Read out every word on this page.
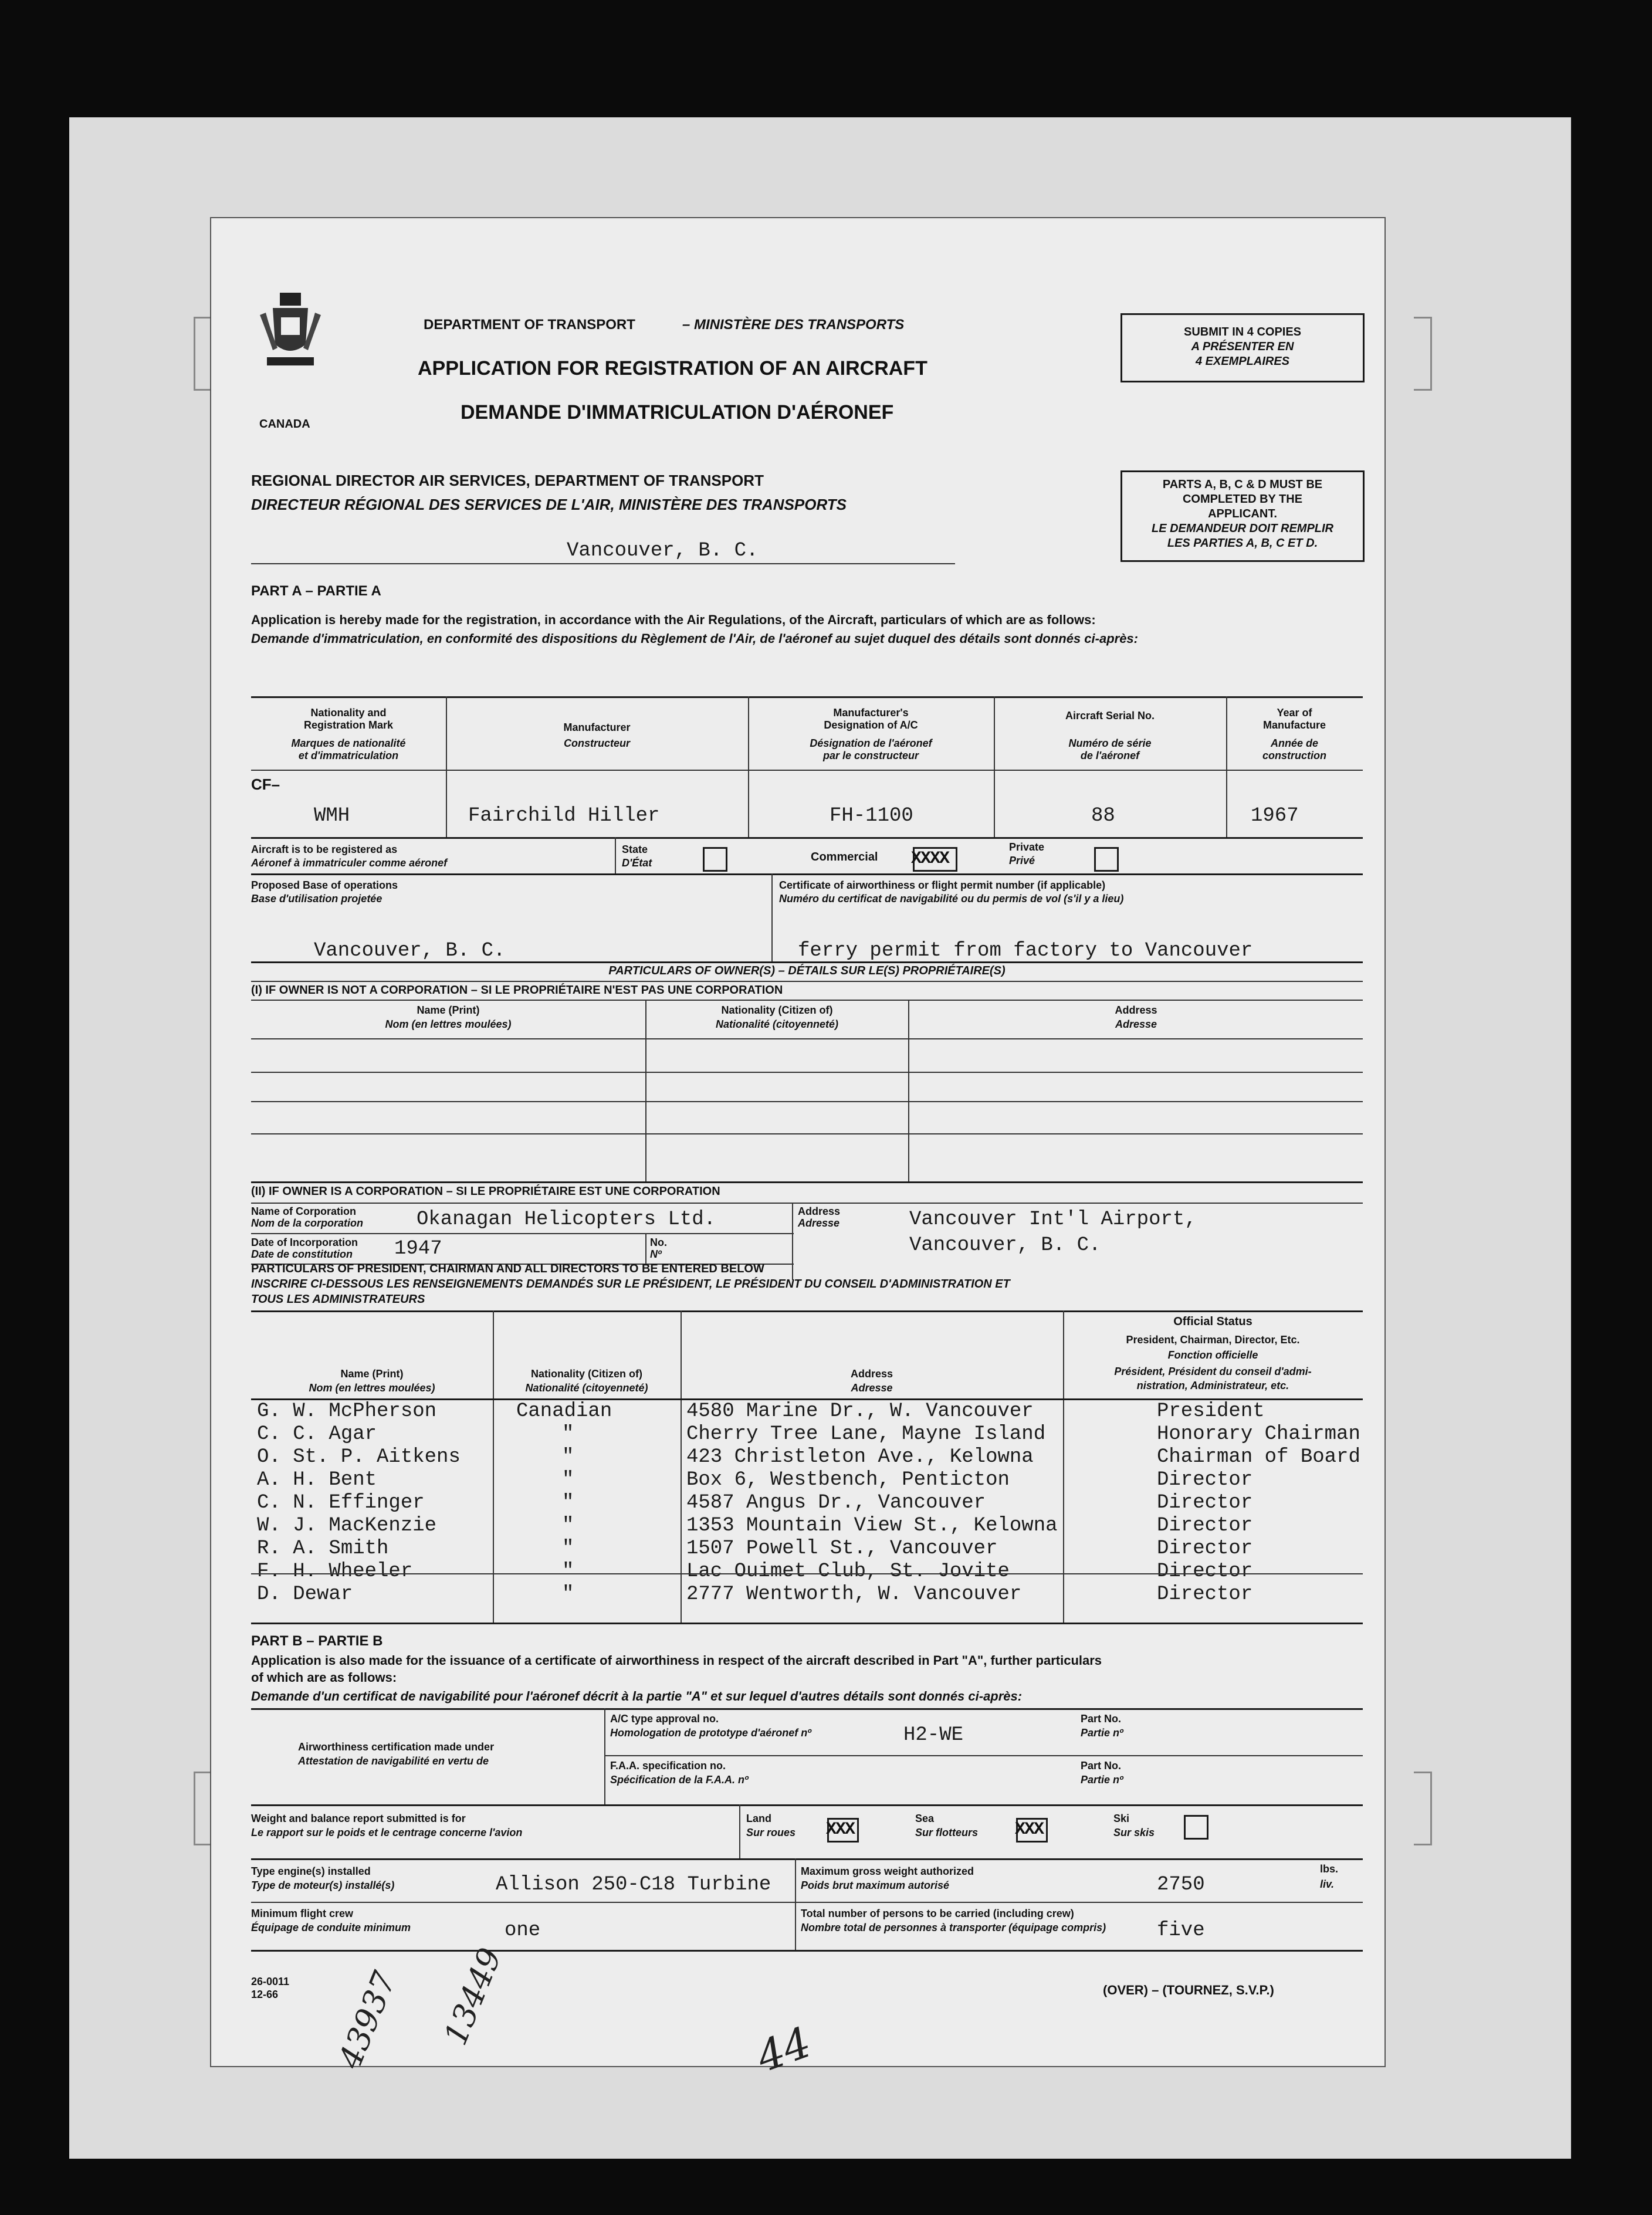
CANADA
DEPARTMENT OF TRANSPORT	– MINISTÈRE DES TRANSPORTS
APPLICATION FOR REGISTRATION OF AN AIRCRAFT
DEMANDE D'IMMATRICULATION D'AÉRONEF
SUBMIT IN 4 COPIES
A PRÉSENTER EN
4 EXEMPLAIRES
PARTS A, B, C & D MUST BE
COMPLETED BY THE
APPLICANT.
LE DEMANDEUR DOIT REMPLIR
LES PARTIES A, B, C ET D.
REGIONAL DIRECTOR AIR SERVICES, DEPARTMENT OF TRANSPORT
DIRECTEUR RÉGIONAL DES SERVICES DE L'AIR, MINISTÈRE DES TRANSPORTS
Vancouver, B. C.
PART A – PARTIE A
Application is hereby made for the registration, in accordance with the Air Regulations, of the Aircraft, particulars of which are as follows:
Demande d'immatriculation, en conformité des dispositions du Règlement de l'Air, de l'aéronef au sujet duquel des détails sont donnés ci-après:
Nationality and
Registration Mark
Marques de nationalité
et d'immatriculation
Manufacturer
Constructeur
Manufacturer's
Designation of A/C
Désignation de l'aéronef
par le constructeur
Aircraft Serial No.
Numéro de série
de l'aéronef
Year of
Manufacture
Année de
construction
CF–
WMH	Fairchild Hiller	FH-1100	88	1967
Aircraft is to be registered as
Aéronef à immatriculer comme aéronef
State
D'État	Commercial XXXX
Private
Privé
Proposed Base of operations
Base d'utilisation projetée
Vancouver, B. C.
Certificate of airworthiness or flight permit number (if applicable)
Numéro du certificat de navigabilité ou du permis de vol (s'il y a lieu)
ferry permit from factory to Vancouver
PARTICULARS OF OWNER(S) – DÉTAILS SUR LE(S) PROPRIÉTAIRE(S)
(I) IF OWNER IS NOT A CORPORATION – SI LE PROPRIÉTAIRE N'EST PAS UNE CORPORATION
Name (Print)
Nom (en lettres moulées)
Nationality (Citizen of)
Nationalité (citoyenneté)
Address
Adresse
(II) IF OWNER IS A CORPORATION – SI LE PROPRIÉTAIRE EST UNE CORPORATION
Name of Corporation
Nom de la corporation	Okanagan Helicopters Ltd.	Address
Adresse	Vancouver Int'l Airport,
Vancouver, B. C.
Date of Incorporation
Date de constitution 1947	No.
Nº
PARTICULARS OF PRESIDENT, CHAIRMAN AND ALL DIRECTORS TO BE ENTERED BELOW
INSCRIRE CI-DESSOUS LES RENSEIGNEMENTS DEMANDÉS SUR LE PRÉSIDENT, LE PRÉSIDENT DU CONSEIL D'ADMINISTRATION ET
TOUS LES ADMINISTRATEURS
Name (Print)
Nom (en lettres moulées)
Nationality (Citizen of)
Nationalité (citoyenneté)
Address
Adresse
Official Status
President, Chairman, Director, Etc.
Fonction officielle
Président, Président du conseil d'admi-
nistration, Administrateur, etc.
G. W. McPherson	Canadian	4580 Marine Dr., W. Vancouver	President
C. C. Agar	"	Cherry Tree Lane, Mayne Island	Honorary Chairman
O. St. P. Aitkens	"	423 Christleton Ave., Kelowna	Chairman of Board
A. H. Bent	"	Box 6, Westbench, Penticton	Director
C. N. Effinger	"	4587 Angus Dr., Vancouver	Director
W. J. MacKenzie	"	1353 Mountain View St., Kelowna	Director
R. A. Smith	"	1507 Powell St., Vancouver	Director
F. H. Wheeler	"	Lac Ouimet Club, St. Jovite	Director
D. Dewar	"	2777 Wentworth, W. Vancouver	Director
PART B – PARTIE B
Application is also made for the issuance of a certificate of airworthiness in respect of the aircraft described in Part "A", further particulars
of which are as follows:
Demande d'un certificat de navigabilité pour l'aéronef décrit à la partie "A" et sur lequel d'autres détails sont donnés ci-après:
Airworthiness certification made under
Attestation de navigabilité en vertu de
A/C type approval no.
Homologation de prototype d'aéronef nº	H2-WE
Part No.
Partie nº
F.A.A. specification no.
Spécification de la F.A.A. nº
Part No.
Partie nº
Weight and balance report submitted is for
Le rapport sur le poids et le centrage concerne l'avion
Land
Sur roues XXX
Sea
Sur flotteurs XXX
Ski
Sur skis
Type engine(s) installed
Type de moteur(s) installé(s)	Allison 250-C18 Turbine
Maximum gross weight authorized
Poids brut maximum autorisé	2750
lbs.
liv.
Minimum flight crew
Équipage de conduite minimum	one
Total number of persons to be carried (including crew)
Nombre total de personnes à transporter (équipage compris)	five
26-0011
12-66	(OVER) – (TOURNEZ, S.V.P.)
43937 13449	44
